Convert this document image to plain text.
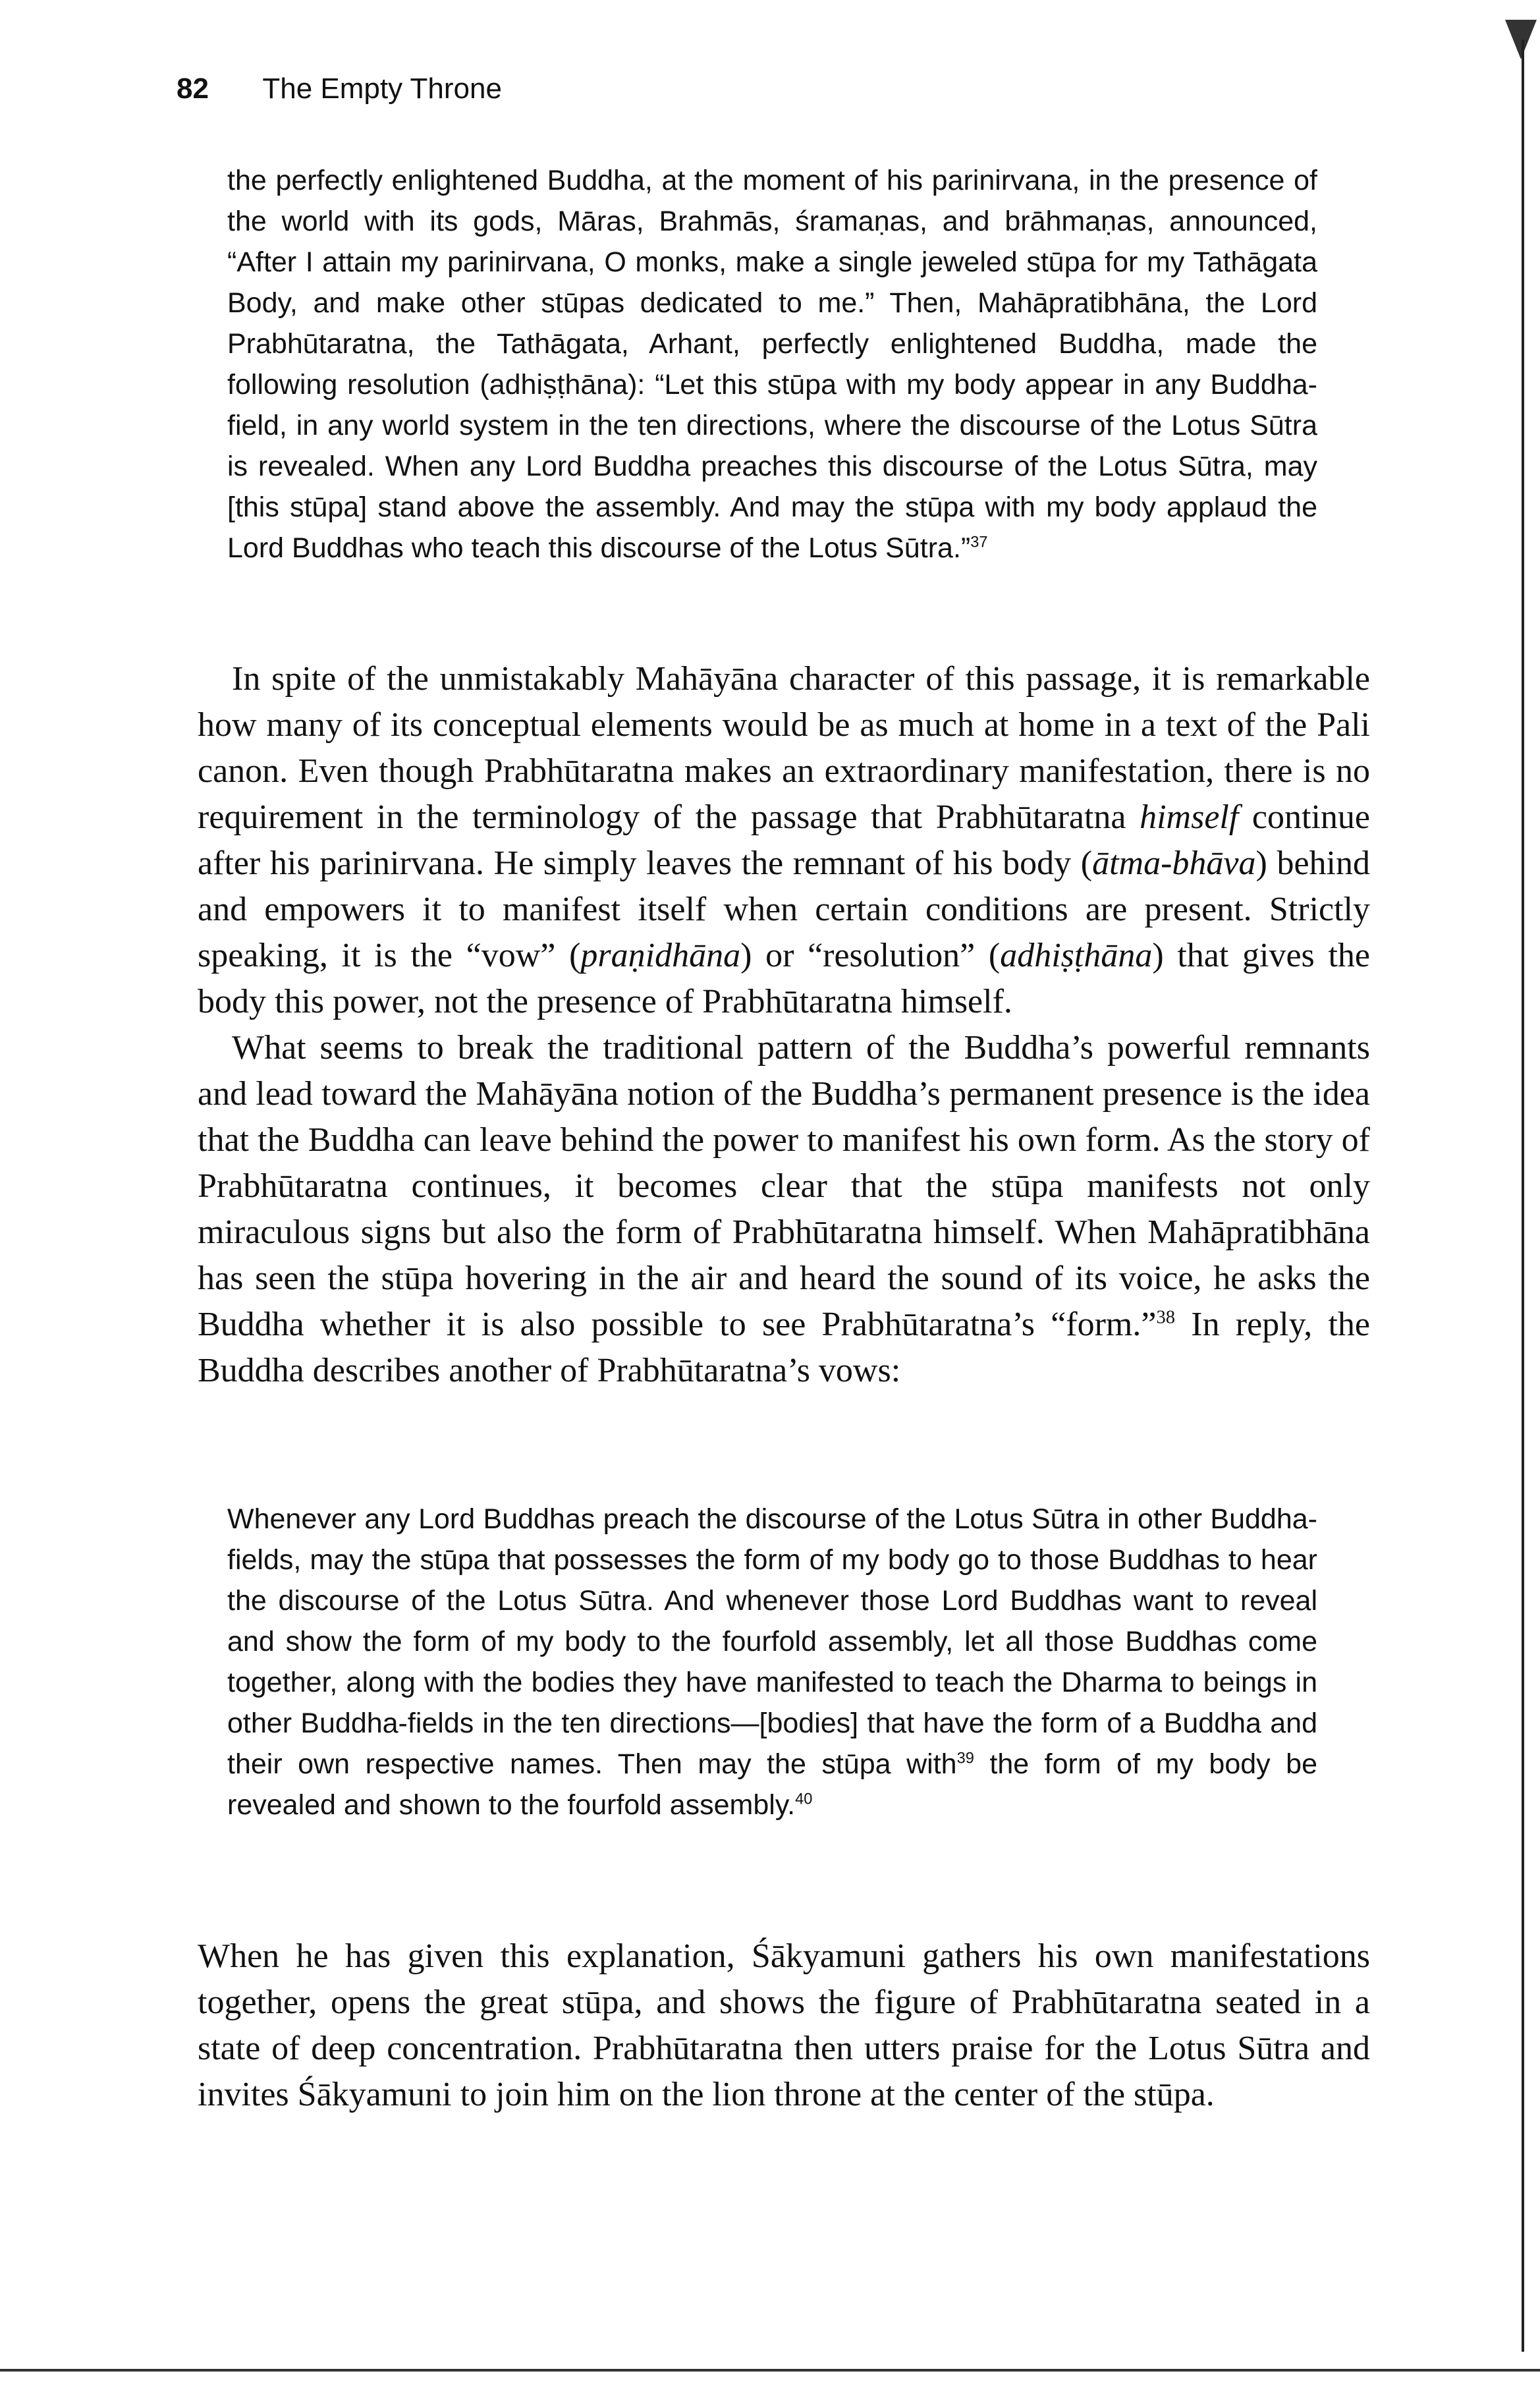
82 The Empty Throne
the perfectly enlightened Buddha, at the moment of his parinirvana, in the presence of the world with its gods, Māras, Brahmās, śramaṇas, and brāhmaṇas, announced, “After I attain my parinirvana, O monks, make a single jeweled stūpa for my Tathāgata Body, and make other stūpas dedicated to me.” Then, Mahāpratibhāna, the Lord Prabhūtaratna, the Tathāgata, Arhant, perfectly enlightened Buddha, made the following resolution (adhiṣṭhāna): “Let this stūpa with my body appear in any Buddha-field, in any world system in the ten directions, where the discourse of the Lotus Sūtra is revealed. When any Lord Buddha preaches this discourse of the Lotus Sūtra, may [this stūpa] stand above the assembly. And may the stūpa with my body applaud the Lord Buddhas who teach this discourse of the Lotus Sūtra.”$^{37}$

In spite of the unmistakably Mahāyāna character of this passage, it is remarkable how many of its conceptual elements would be as much at home in a text of the Pali canon. Even though Prabhūtaratna makes an extraordinary manifestation, there is no requirement in the terminology of the passage that Prabhūtaratna himself continue after his parinirvana. He simply leaves the remnant of his body (ātma-bhāva) behind and empowers it to manifest itself when certain conditions are present. Strictly speaking, it is the “vow” (praṇidhāna) or “resolution” (adhiṣṭhāna) that gives the body this power, not the presence of Prabhūtaratna himself.

What seems to break the traditional pattern of the Buddha’s powerful remnants and lead toward the Mahāyāna notion of the Buddha’s permanent presence is the idea that the Buddha can leave behind the power to manifest his own form. As the story of Prabhūtaratna continues, it becomes clear that the stūpa manifests not only miraculous signs but also the form of Prabhūtaratna himself. When Mahāpratibhāna has seen the stūpa hovering in the air and heard the sound of its voice, he asks the Buddha whether it is also possible to see Prabhūtaratna’s “form.”$^{38}$ In reply, the Buddha describes another of Prabhūtaratna’s vows:

Whenever any Lord Buddhas preach the discourse of the Lotus Sūtra in other Buddha-fields, may the stūpa that possesses the form of my body go to those Buddhas to hear the discourse of the Lotus Sūtra. And whenever those Lord Buddhas want to reveal and show the form of my body to the fourfold assembly, let all those Buddhas come together, along with the bodies they have manifested to teach the Dharma to beings in other Buddha-fields in the ten directions—[bodies] that have the form of a Buddha and their own respective names. Then may the stūpa with$^{39}$ the form of my body be revealed and shown to the fourfold assembly.$^{40}$

When he has given this explanation, Śākyamuni gathers his own manifestations together, opens the great stūpa, and shows the figure of Prabhūtaratna seated in a state of deep concentration. Prabhūtaratna then utters praise for the Lotus Sūtra and invites Śākyamuni to join him on the lion throne at the center of the stūpa.
